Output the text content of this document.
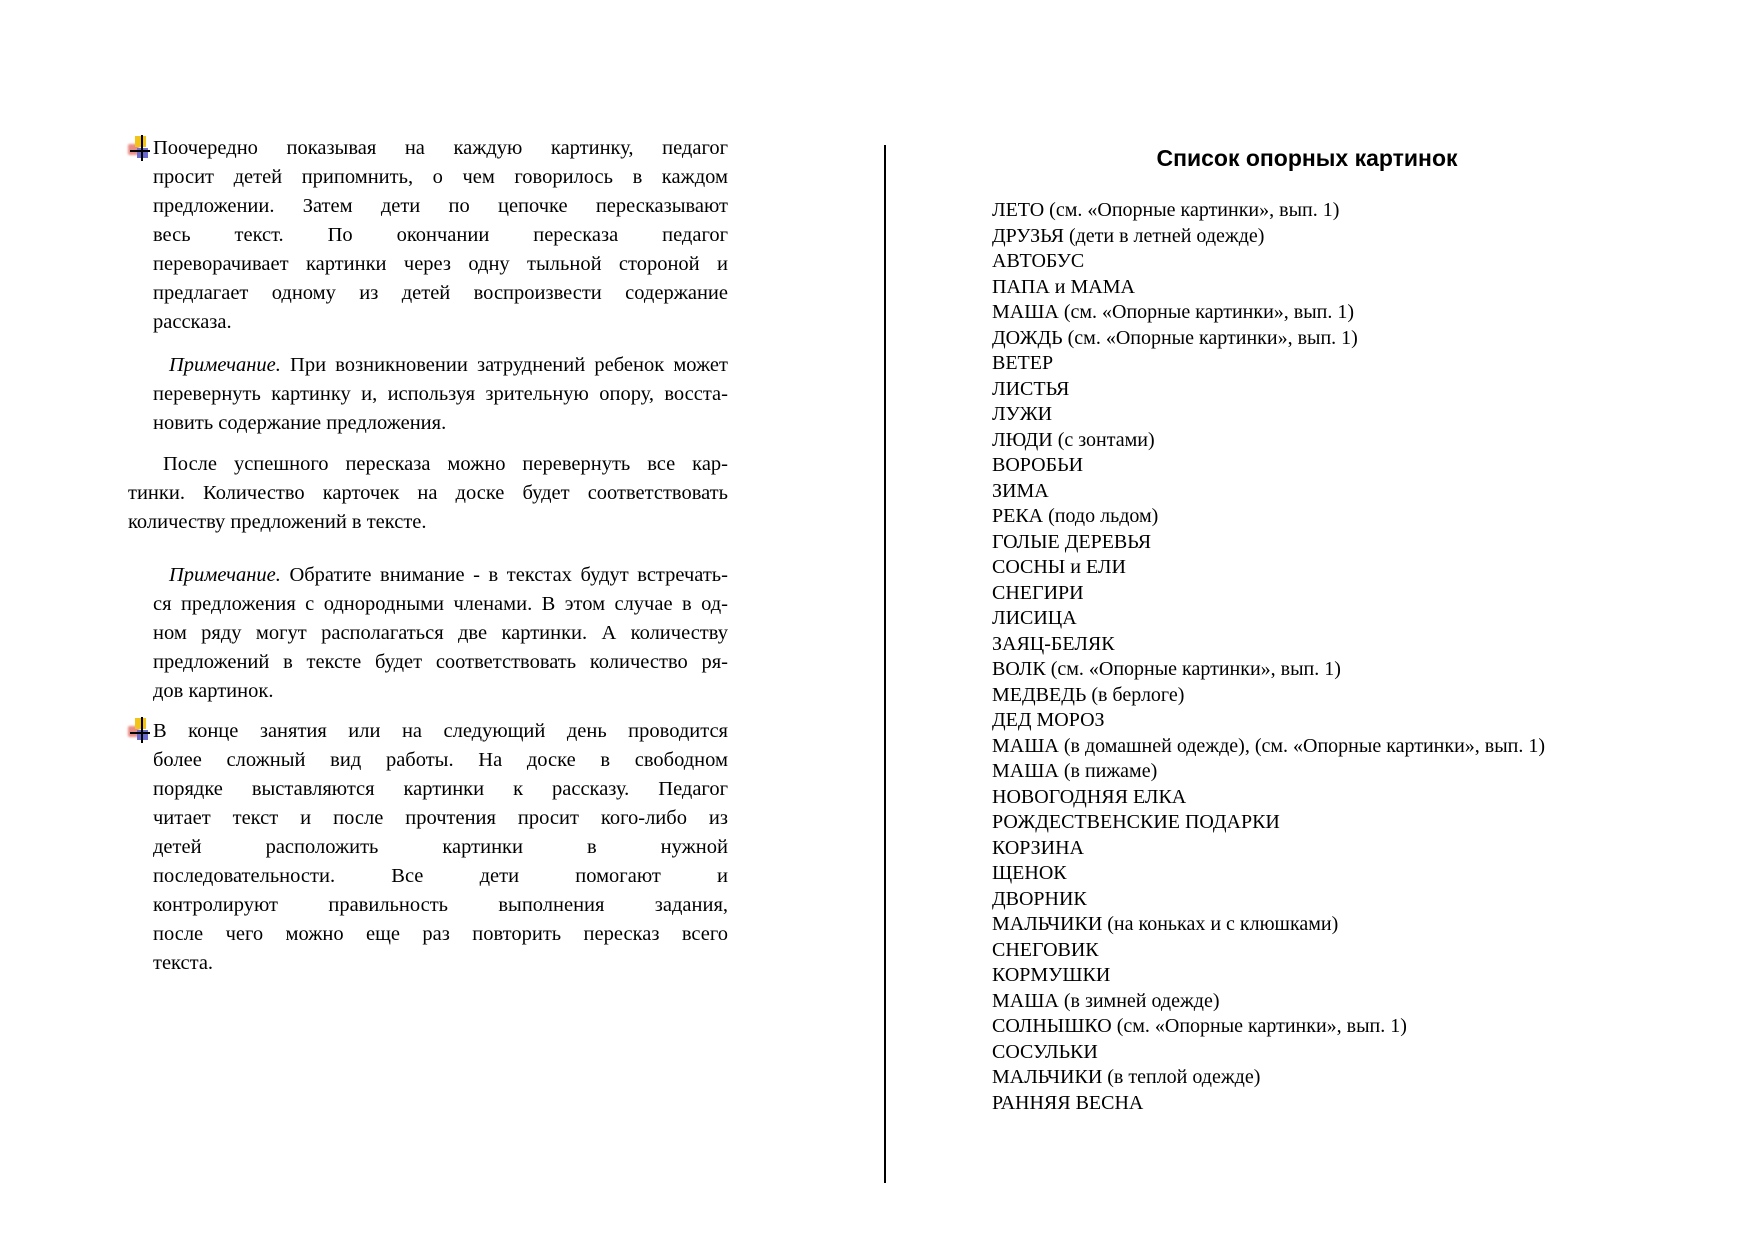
Поочередно показывая на каждую картинку, педагог
просит детей припомнить, о чем говорилось в каждом
предложении. Затем дети по цепочке пересказывают
весь текст. По окончании пересказа педагог
переворачивает картинки через одну тыльной стороной и
предлагает одному из детей воспроизвести содержание
рассказа.
Примечание. При возникновении затруднений ребенок может
перевернуть картинку и, используя зрительную опору, восста-
новить содержание предложения.
После успешного пересказа можно перевернуть все кар-
тинки. Количество карточек на доске будет соответствовать
количеству предложений в тексте.
Примечание. Обратите внимание - в текстах будут встречать-
ся предложения с однородными членами. В этом случае в од-
ном ряду могут располагаться две картинки. А количеству
предложений в тексте будет соответствовать количество ря-
дов картинок.
В конце занятия или на следующий день проводится
более сложный вид работы. На доске в свободном
порядке выставляются картинки к рассказу. Педагог
читает текст и после прочтения просит кого-либо из
детей расположить картинки в нужной
последовательности. Все дети помогают и
контролируют правильность выполнения задания,
после чего можно еще раз повторить пересказ всего
текста.
Список опорных картинок
ЛЕТО (см. «Опорные картинки», вып. 1)
ДРУЗЬЯ (дети в летней одежде)
АВТОБУС
ПАПА и МАМА
МАША (см. «Опорные картинки», вып. 1)
ДОЖДЬ (см. «Опорные картинки», вып. 1)
ВЕТЕР
ЛИСТЬЯ
ЛУЖИ
ЛЮДИ (с зонтами)
ВОРОБЬИ
ЗИМА
РЕКА (подо льдом)
ГОЛЫЕ ДЕРЕВЬЯ
СОСНЫ и ЕЛИ
СНЕГИРИ
ЛИСИЦА
ЗАЯЦ-БЕЛЯК
ВОЛК (см. «Опорные картинки», вып. 1)
МЕДВЕДЬ (в берлоге)
ДЕД МОРОЗ
МАША (в домашней одежде), (см. «Опорные картинки», вып. 1)
МАША (в пижаме)
НОВОГОДНЯЯ ЕЛКА
РОЖДЕСТВЕНСКИЕ ПОДАРКИ
КОРЗИНА
ЩЕНОК
ДВОРНИК
МАЛЬЧИКИ (на коньках и с клюшками)
СНЕГОВИК
КОРМУШКИ
МАША (в зимней одежде)
СОЛНЫШКО (см. «Опорные картинки», вып. 1)
СОСУЛЬКИ
МАЛЬЧИКИ (в теплой одежде)
РАННЯЯ ВЕСНА
